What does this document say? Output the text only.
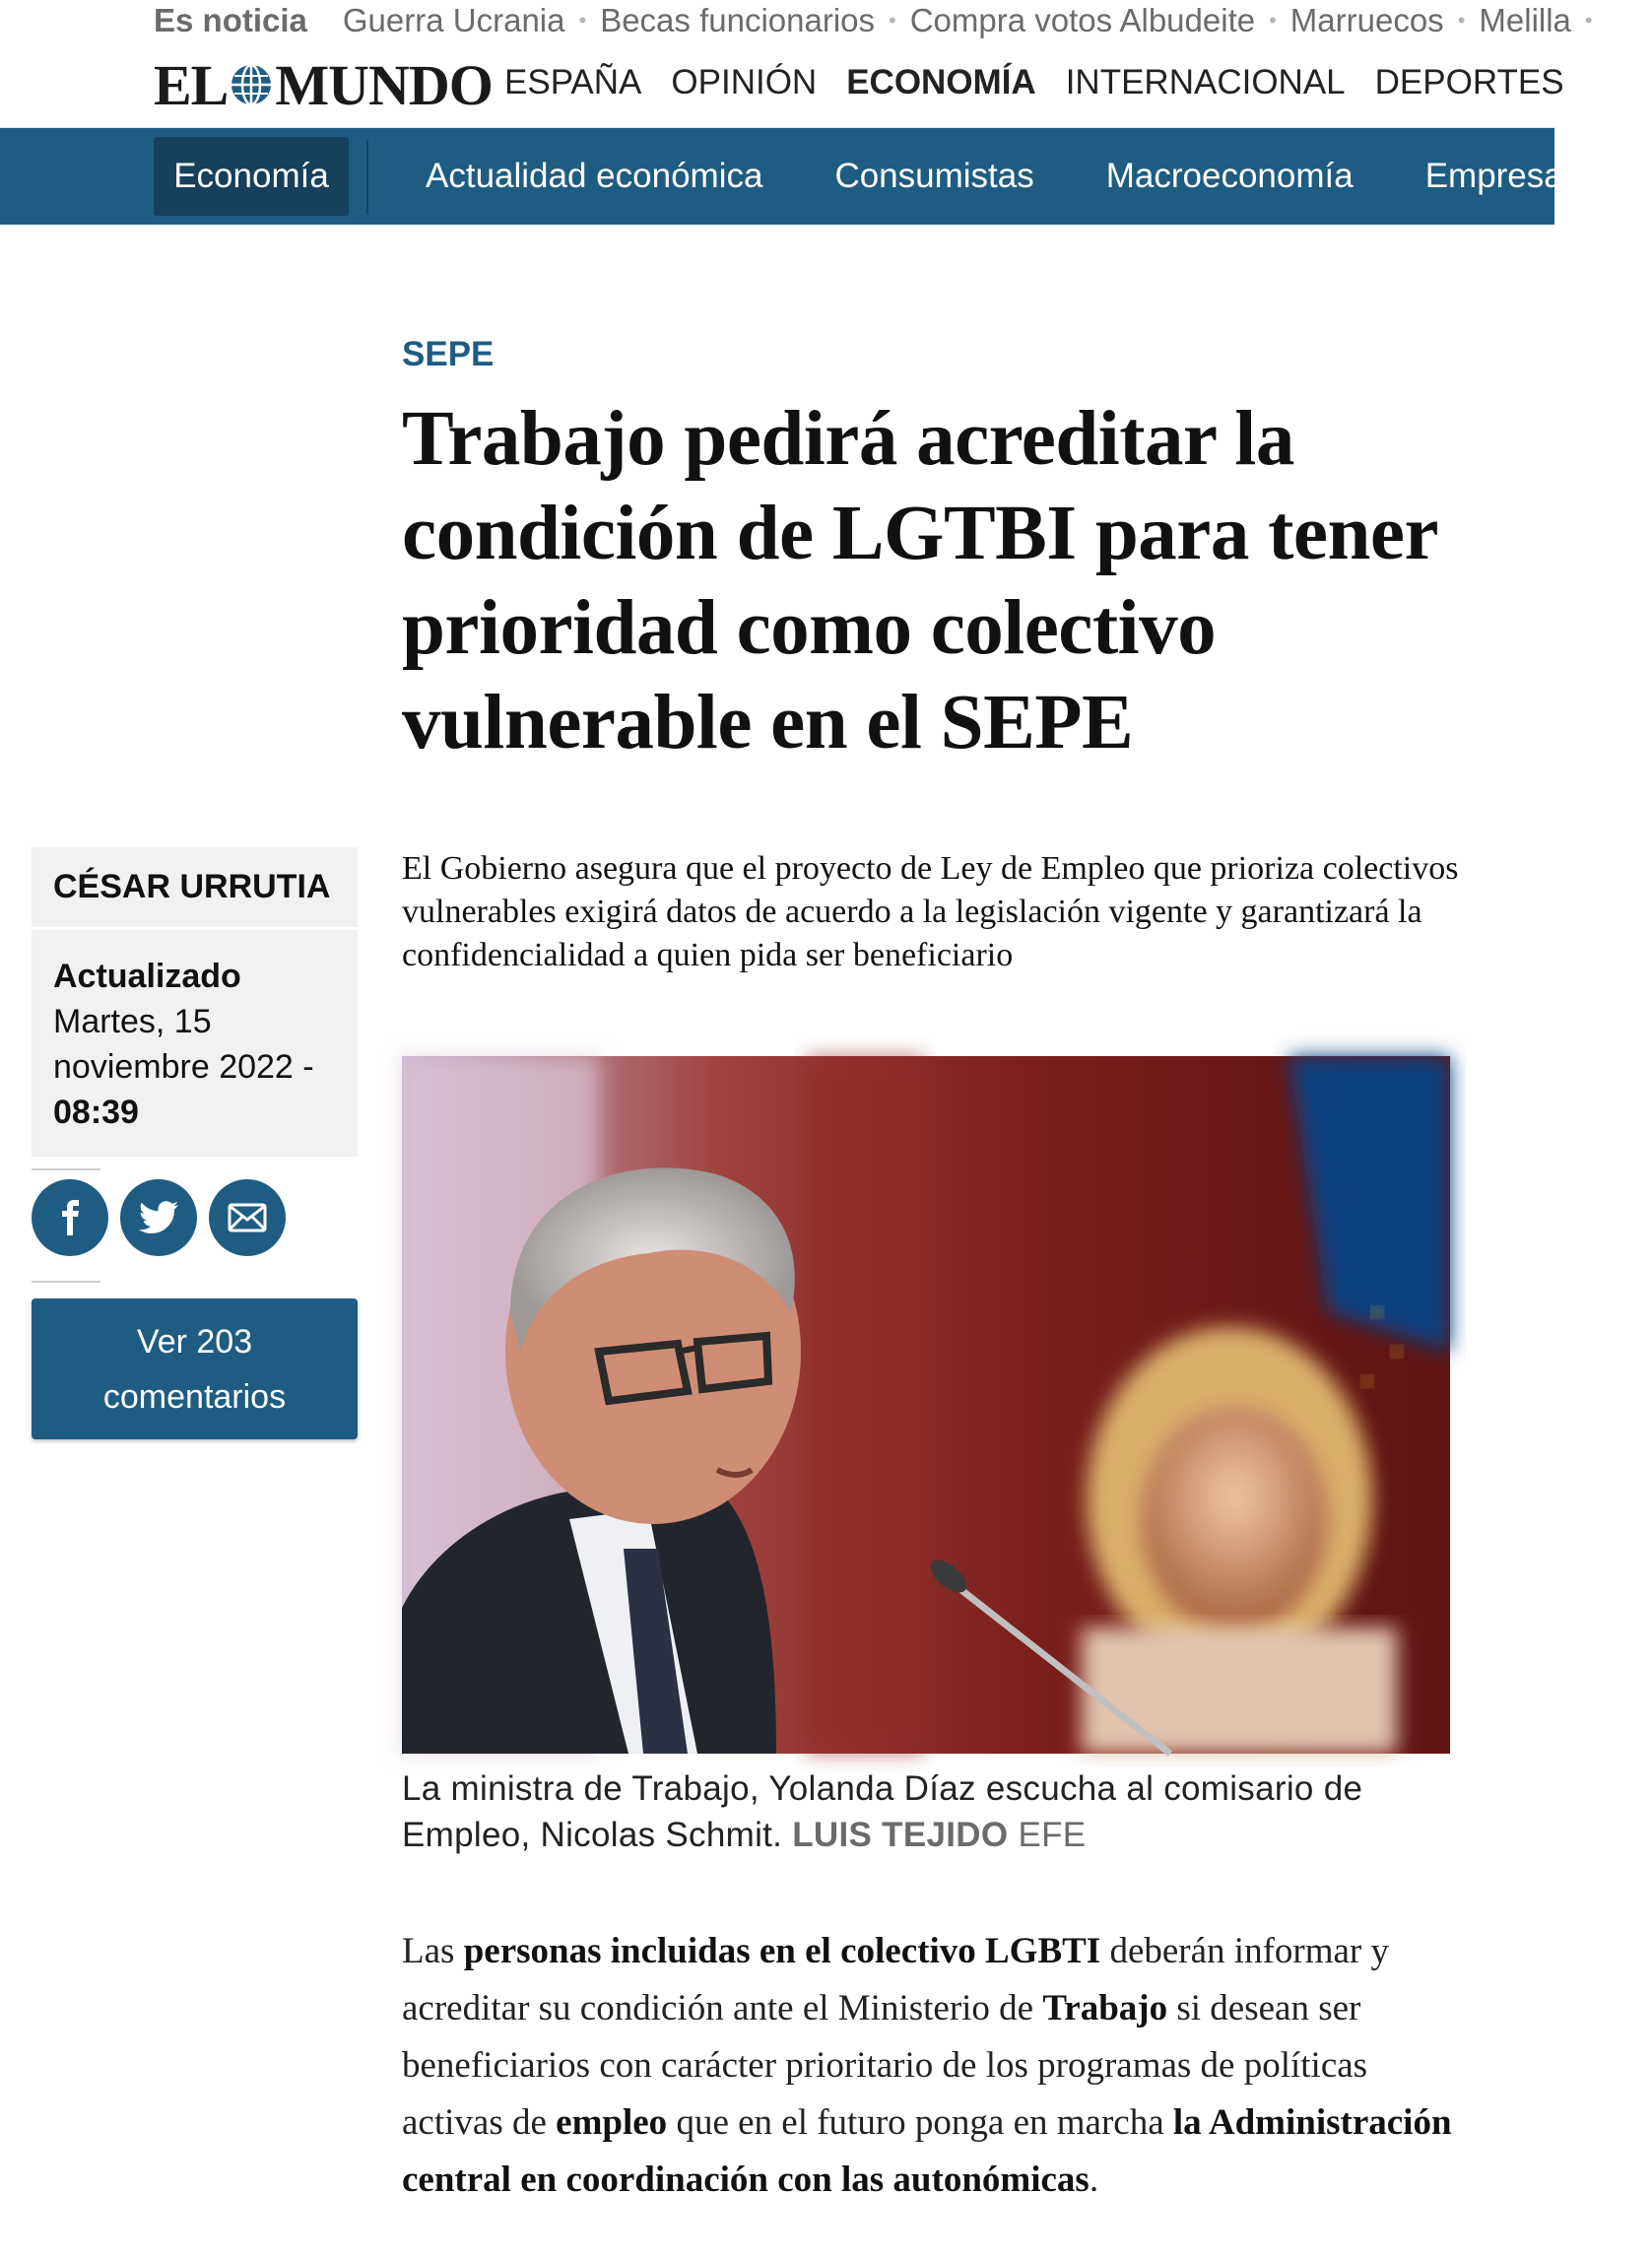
Es noticia Guerra Ucrania • Becas funcionarios • Compra votos Albudeite • Marruecos • Melilla •
EL MUNDO ESPAÑA OPINIÓN ECONOMÍA INTERNACIONAL DEPORTES
Economía	Actualidad económica Consumistas Macroeconomía Empresas
SEPE
Trabajo pedirá acreditar la condición de LGTBI para tener prioridad como colectivo vulnerable en el SEPE
CÉSAR URRUTIA
Actualizado
Martes, 15 noviembre 2022 -
08:39
Ver 203
comentarios

El Gobierno asegura que el proyecto de Ley de Empleo que prioriza colectivos vulnerables exigirá datos de acuerdo a la legislación vigente y garantizará la confidencialidad a quien pida ser beneficiario

La ministra de Trabajo, Yolanda Díaz escucha al comisario de Empleo, Nicolas Schmit. LUIS TEJIDO EFE

Las personas incluidas en el colectivo LGBTI deberán informar y acreditar su condición ante el Ministerio de Trabajo si desean ser beneficiarios con carácter prioritario de los programas de políticas activas de empleo que en el futuro ponga en marcha la Administración central en coordinación con las autonómicas.
